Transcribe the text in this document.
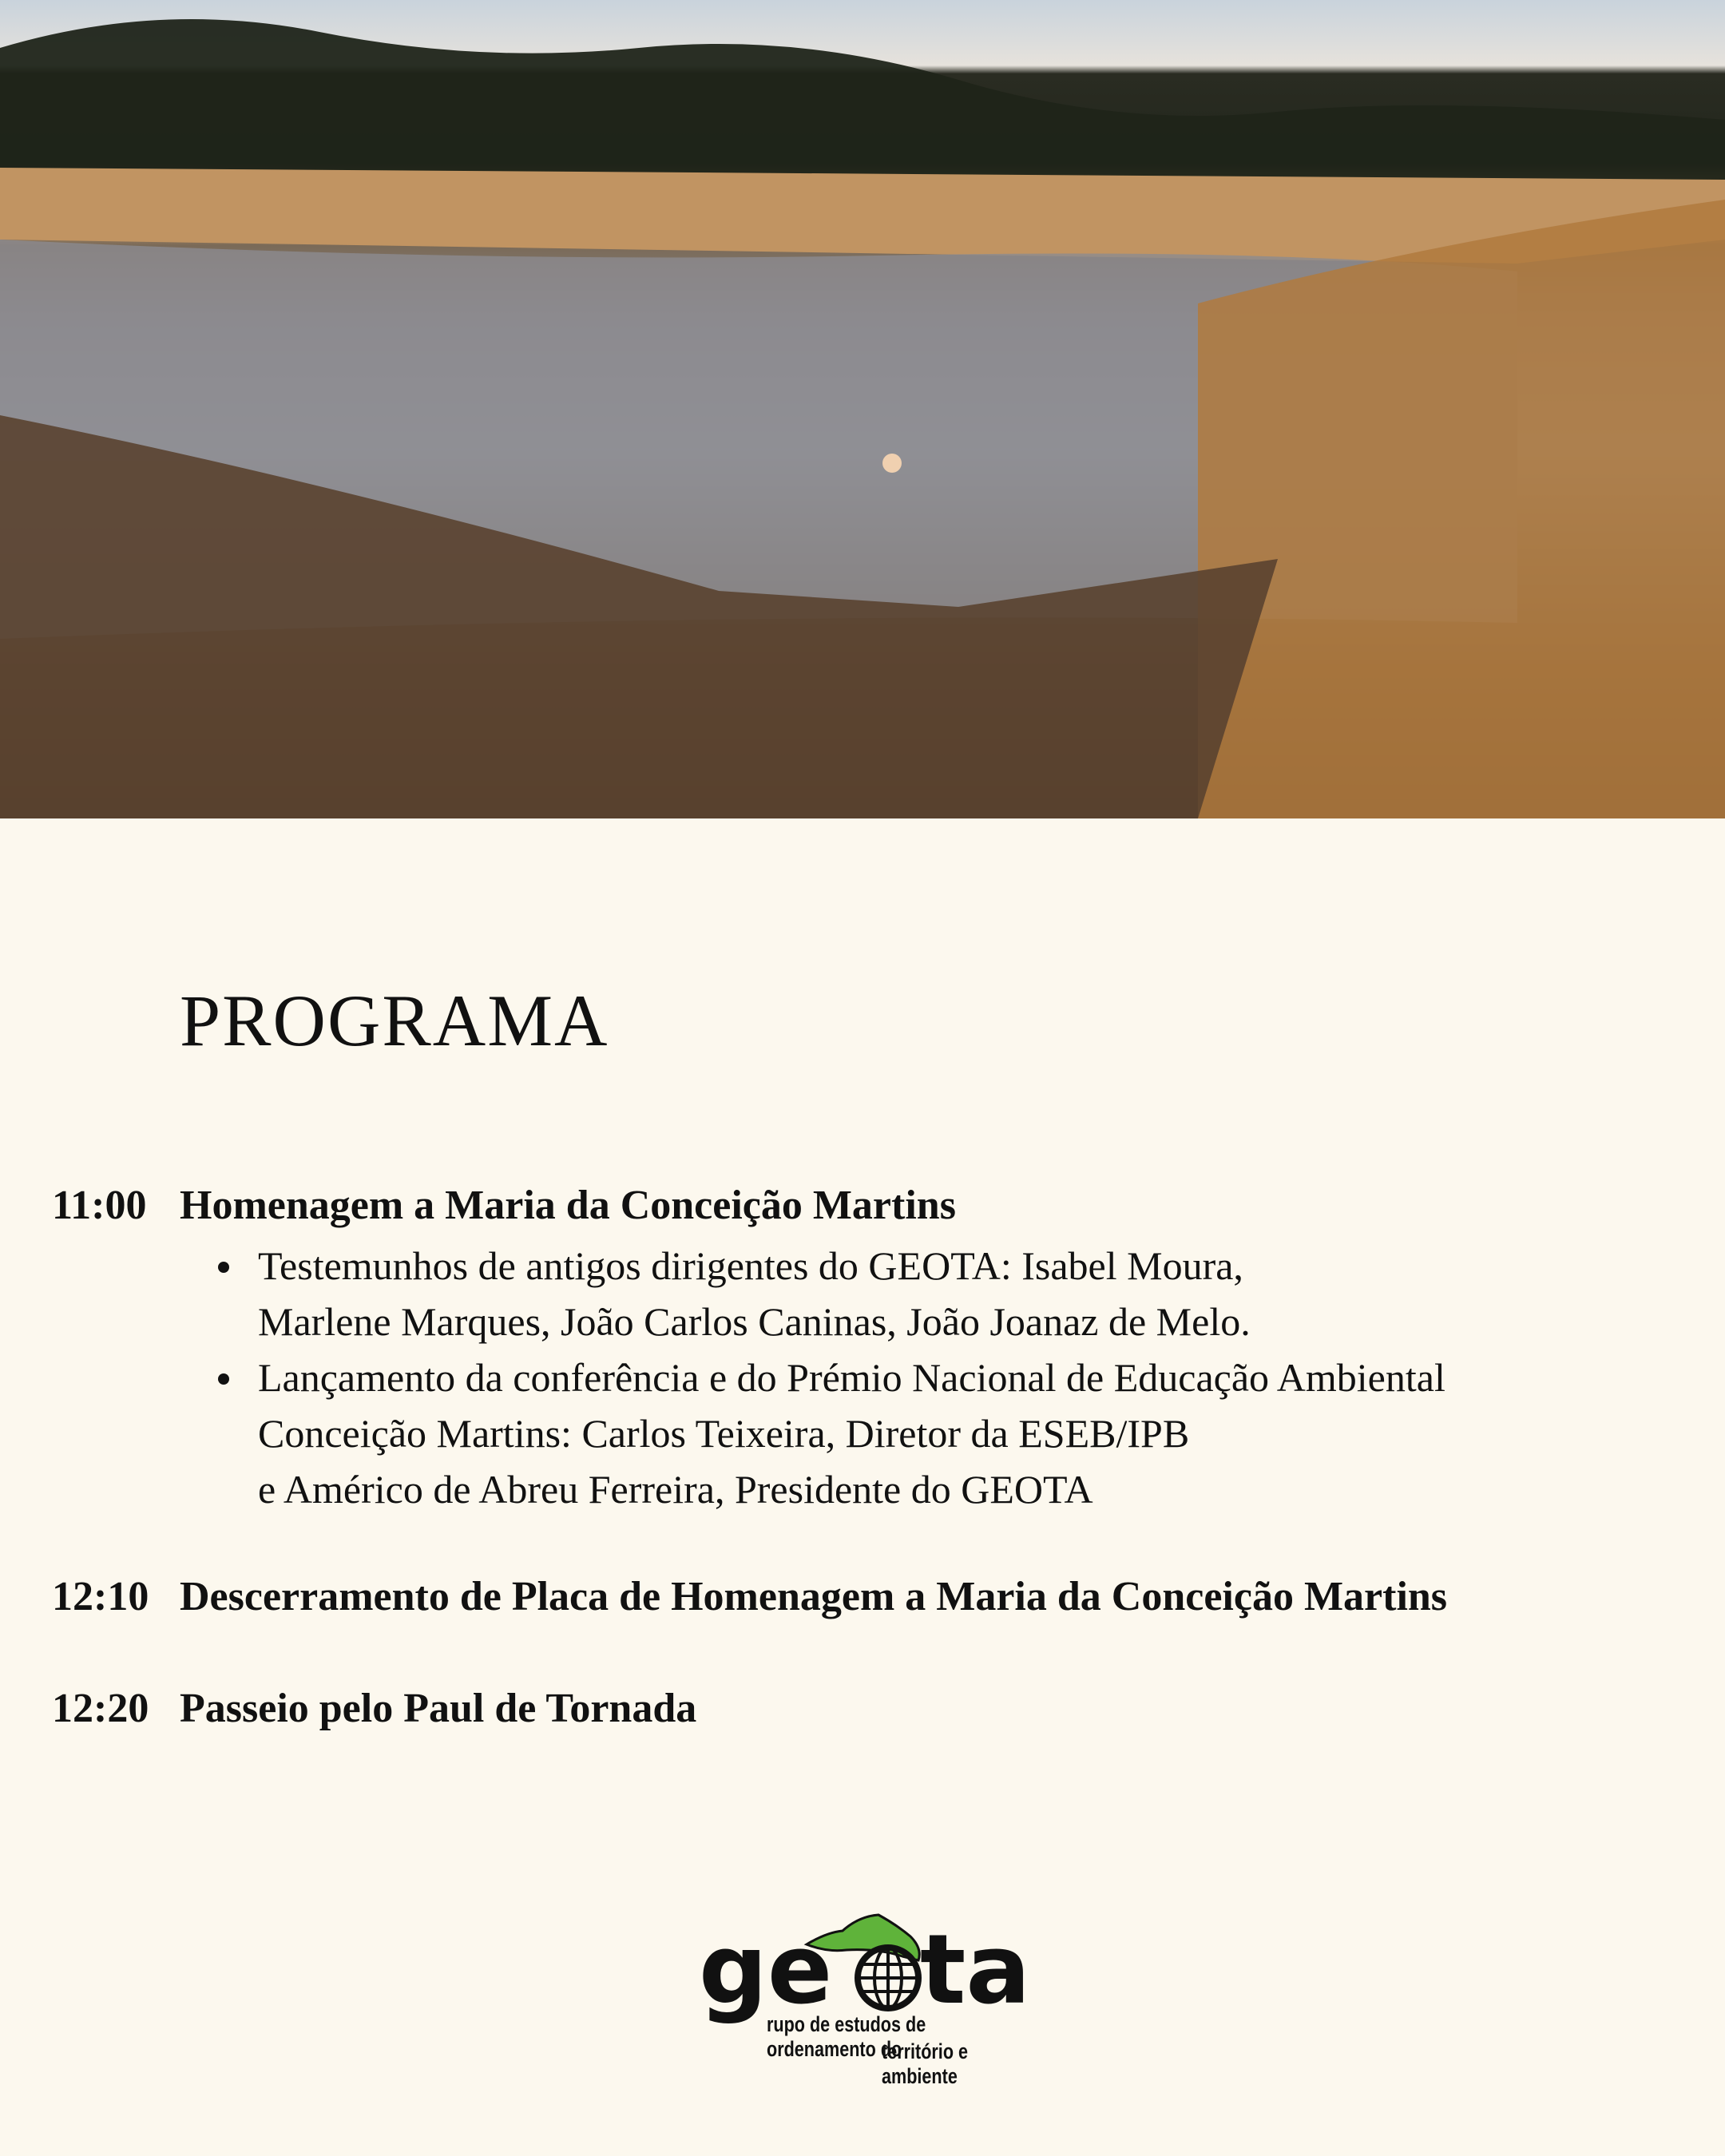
PROGRAMA
11:00 Homenagem a Maria da Conceição Martins
Testemunhos de antigos dirigentes do GEOTA: Isabel Moura,
Marlene Marques, João Carlos Caninas, João Joanaz de Melo.
Lançamento da conferência e do Prémio Nacional de Educação Ambiental
Conceição Martins: Carlos Teixeira, Diretor da ESEB/IPB
e Américo de Abreu Ferreira, Presidente do GEOTA
12:10 Descerramento de Placa de Homenagem a Maria da Conceição Martins
12:20 Passeio pelo Paul de Tornada
ge ta
rupo de estudos de ordenamento do
território e ambiente
